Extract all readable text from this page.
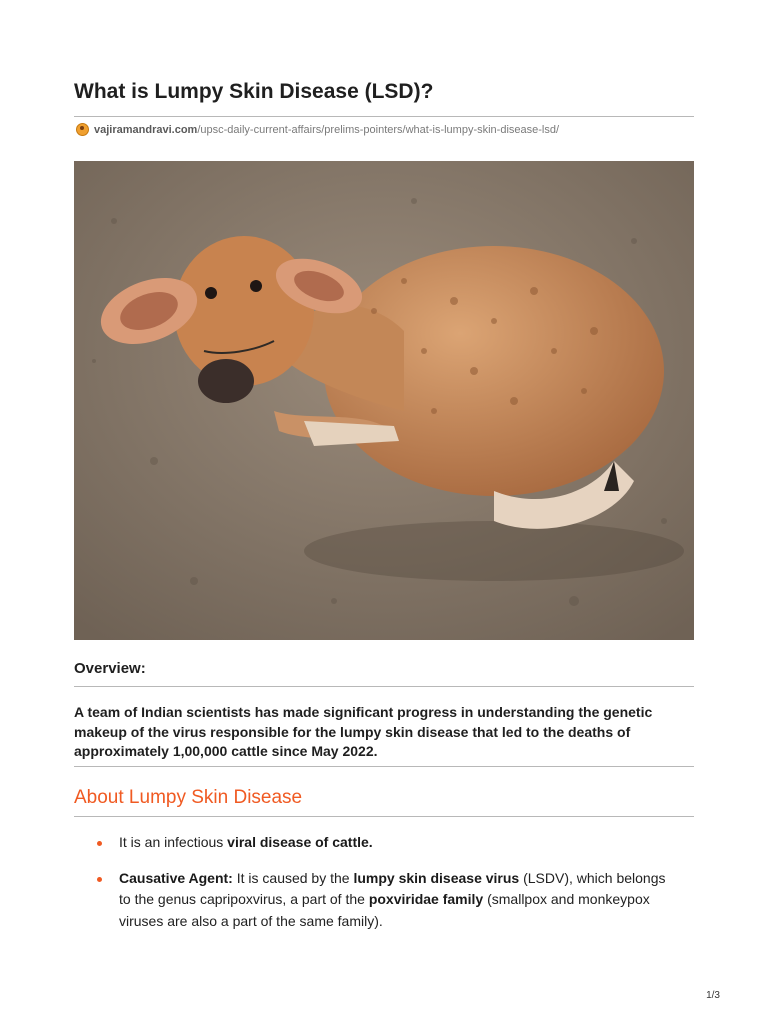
What is Lumpy Skin Disease (LSD)?
vajiramandravi.com /upsc-daily-current-affairs/prelims-pointers/what-is-lumpy-skin-disease-lsd/
Overview:

A team of Indian scientists has made significant progress in understanding the genetic makeup of the virus responsible for the lumpy skin disease that led to the deaths of approximately 1,00,000 cattle since May 2022.

About Lumpy Skin Disease
It is an infectious viral disease of cattle.
Causative Agent: It is caused by the lumpy skin disease virus (LSDV), which belongs to the genus capripoxvirus, a part of the poxviridae family (smallpox and monkeypox viruses are also a part of the same family).
1/3
